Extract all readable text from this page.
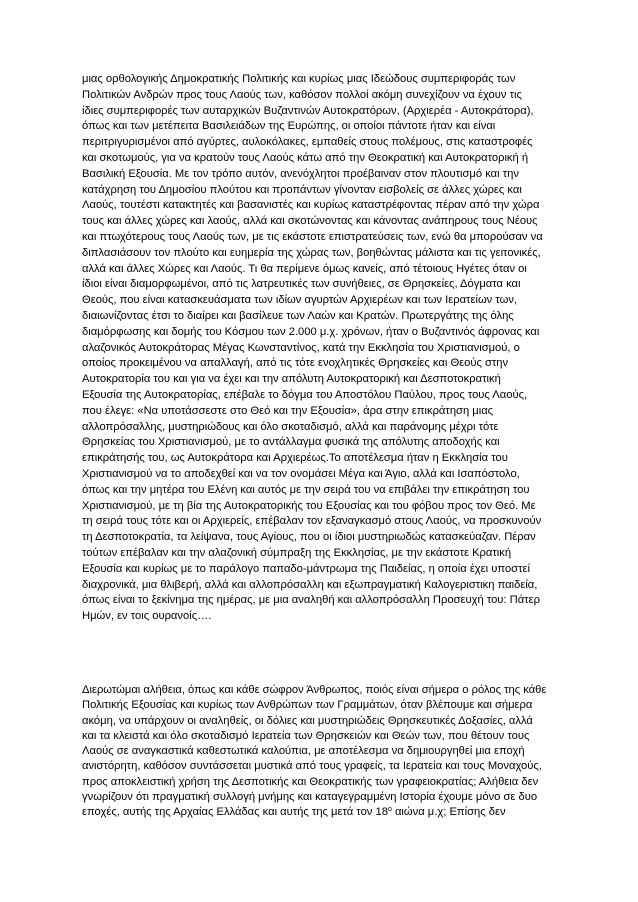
μιας ορθολογικής Δημοκρατικής Πολιτικής και κυρίως μιας Ιδεώδους συμπεριφοράς των
Πολιτικών Ανδρών προς τους Λαούς των, καθόσον πολλοί ακόμη συνεχίζουν να έχουν τις
ίδιες συμπεριφορές των αυταρχικών Βυζαντινών Αυτοκρατόρων, (Αρχιερέα - Αυτοκράτορα),
όπως και των μετέπειτα Βασιλειάδων της Ευρώπης, οι οποίοι πάντοτε ήταν και είναι
περιτριγυρισμένοι από αγύρτες, αυλοκόλακες, εμπαθείς στους πολέμους, στις καταστροφές
και σκοτωμούς, για να κρατούν τους Λαούς κάτω από την Θεοκρατική και Αυτοκρατορική ή
Βασιλική Εξουσία. Με τον τρόπο αυτόν, ανενόχλητοι προέβαιναν στον πλουτισμό και την
κατάχρηση του Δημοσίου πλούτου και προπάντων γίνονταν εισβολείς σε άλλες χώρες και
Λαούς, τουτέστι κατακτητές και βασανιστές και κυρίως καταστρέφοντας πέραν από την χώρα
τους και άλλες χώρες και λαούς, αλλά και σκοτώνοντας και κάνοντας ανάπηρους τους Νέους
και πτωχότερους τους Λαούς των, με τις εκάστοτε επιστρατεύσεις των, ενώ θα μπορούσαν να
διπλασιάσουν τον πλούτο και ευημερία της χώρας των, βοηθώντας μάλιστα και τις γειτονικές,
αλλά και άλλες Χώρες και Λαούς. Τι θα περίμενε όμως κανείς, από τέτοιους Ηγέτες όταν οι
ίδιοι είναι διαμορφωμένοι, από τις λατρευτικές των συνήθειες, σε Θρησκείες, Δόγματα και
Θεούς, που είναι κατασκευάσματα των ιδίων αγυρτών Αρχιερέων και των Ιερατείων των,
διαιωνίζοντας έτσι το διαίρει και βασίλευε των Λαών και Κρατών. Πρωτεργάτης της όλης
διαμόρφωσης και δομής του Κόσμου των 2.000 μ.χ. χρόνων, ήταν ο Βυζαντινός άφρονας και
αλαζονικός Αυτοκράτορας Μέγας Κωνσταντίνος, κατά την Εκκλησία του Χριστιανισμού, ο
οποίος προκειμένου να απαλλαγή, από τις τότε ενοχλητικές Θρησκείες και Θεούς στην
Αυτοκρατορία του και για να έχει και την απόλυτη Αυτοκρατορική και Δεσποτοκρατική
Εξουσία της Αυτοκρατορίας, επέβαλε το δόγμα του Αποστόλου Παύλου, προς τους Λαούς,
που έλεγε: «Να υποτάσσεστε στο Θεό και την Εξουσία», άρα στην επικράτηση μιας
αλλοπρόσαλλης, μυστηριώδους και όλο σκοταδισμό, αλλά και παράνομης μέχρι τότε
Θρησκείας του Χριστιανισμού, με το αντάλλαγμα φυσικά της απόλυτης αποδοχής και
επικράτησής του, ως Αυτοκράτορα και Αρχιερέως.Το αποτέλεσμα ήταν η Εκκλησία του
Χριστιανισμού να το αποδεχθεί και να τον ονομάσει Μέγα και Άγιο, αλλά και Ισαπόστολο,
όπως και την μητέρα του Ελένη και αυτός με την σειρά του να επιβάλει την επικράτηση του
Χριστιανισμού, με τη βία της Αυτοκρατορικής του Εξουσίας και του φόβου προς τον Θεό. Με
τη σειρά τους τότε και οι Αρχιερείς, επέβαλαν τον εξαναγκασμό στους Λαούς, να προσκυνούν
τη Δεσποτοκρατία, τα λείψανα, τους Αγίους, που οι ίδιοι μυστηριωδώς κατασκεύαζαν. Πέραν
τούτων επέβαλαν και την αλαζονική σύμπραξη της Εκκλησίας, με την εκάστοτε Κρατική
Εξουσία και κυρίως με το παράλογο παπαδο-μάντρωμα της Παιδείας, η οποία έχει υποστεί
διαχρονικά, μια θλιβερή, αλλά και αλλοπρόσαλλη και εξωπραγματική Καλογεριστικη παιδεία,
όπως είναι το ξεκίνημα της ημέρας, με μια αναληθή και αλλοπρόσαλλη Προσευχή του: Πάτερ
Ημών, εν τοις ουρανοίς….
Διερωτώμαι αλήθεια, όπως και κάθε σώφρον Άνθρωπος, ποιός είναι σήμερα ο ρόλος της κάθε
Πολιτικής Εξουσίας και κυρίως των Ανθρώπων των Γραμμάτων, όταν βλέπουμε και σήμερα
ακόμη, να υπάρχουν οι αναληθείς, οι δόλιες και μυστηριώδεις Θρησκευτικές Δοξασίες, αλλά
και τα κλειστά και όλο σκοταδισμό Ιερατεία των Θρησκειών και Θεών των, που θέτουν τους
Λαούς σε αναγκαστικά καθεστωτικά καλούπια, με αποτέλεσμα να δημιουργηθεί μια εποχή
ανιστόρητη, καθόσον συντάσσεται μυστικά από τους γραφείς, τα Ιερατεία και τους Μοναχούς,
προς αποκλειστική χρήση της Δεσποτικής και Θεοκρατικής των γραφειοκρατίας; Αλήθεια δεν
γνωρίζουν ότι πραγματική συλλογή μνήμης και καταγεγραμμένη Ιστορία έχουμε μόνο σε δυο
εποχές, αυτής της Αρχαίας Ελλάδας και αυτής της μετά τον $18^o$ αιώνα μ.χ; Επίσης δεν
